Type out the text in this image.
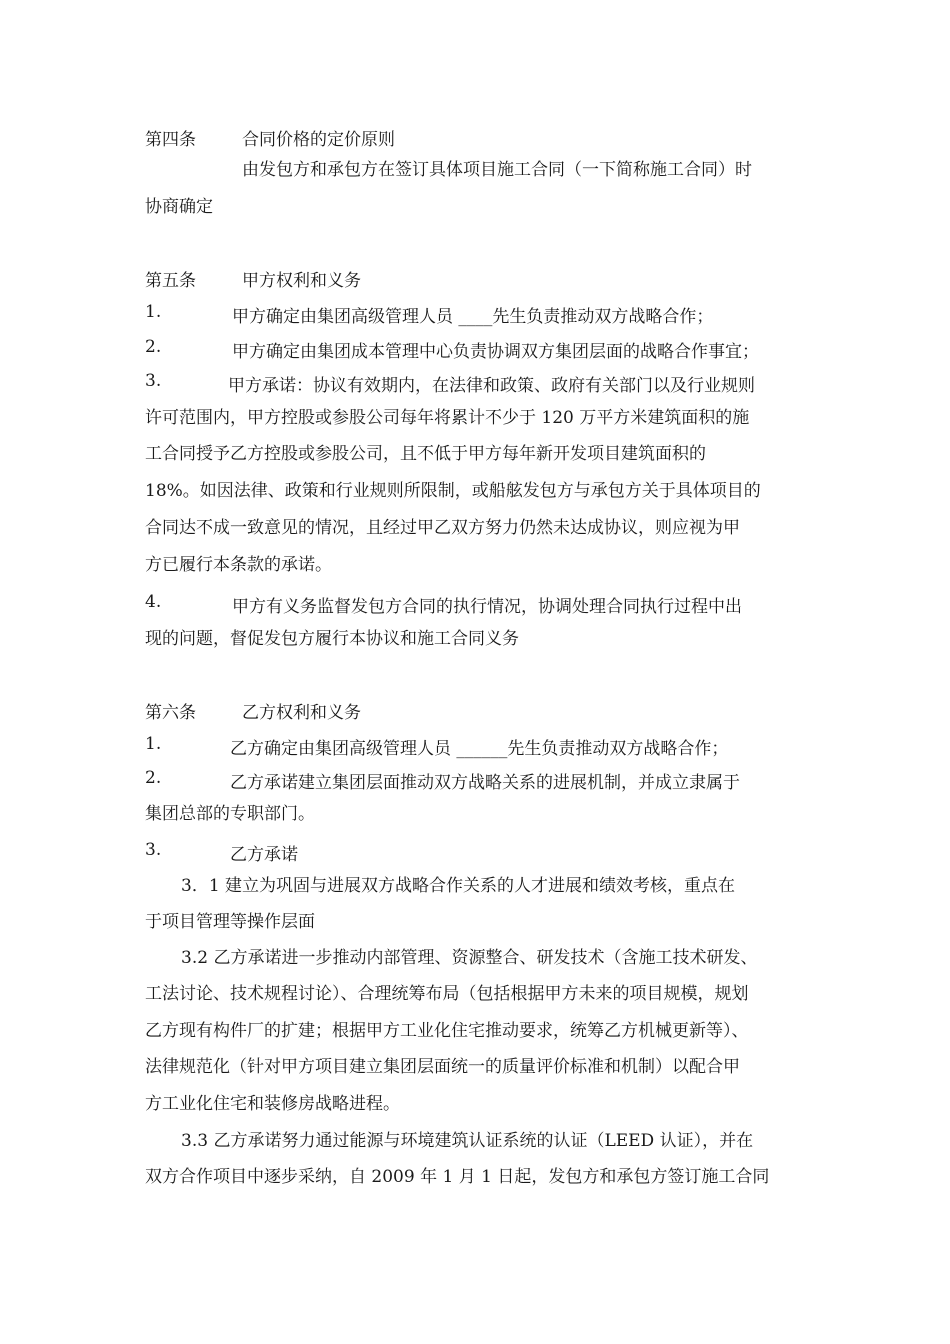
第四条	合同价格的定价原则
由发包方和承包方在签订具体项目施工合同（一下简称施工合同）时
协商确定
第五条	甲方权利和义务
1.	甲方确定由集团高级管理人员 ____先生负责推动双方战略合作；
2.	甲方确定由集团成本管理中心负责协调双方集团层面的战略合作事宜；
3.	甲方承诺：协议有效期内，在法律和政策、政府有关部门以及行业规则
许可范围内，甲方控股或参股公司每年将累计不少于 120 万平方米建筑面积的施
工合同授予乙方控股或参股公司，且不低于甲方每年新开发项目建筑面积的
18%。如因法律、政策和行业规则所限制，或船舷发包方与承包方关于具体项目的
合同达不成一致意见的情况，且经过甲乙双方努力仍然未达成协议，则应视为甲
方已履行本条款的承诺。
4.	甲方有义务监督发包方合同的执行情况，协调处理合同执行过程中出
现的问题，督促发包方履行本协议和施工合同义务
第六条	乙方权利和义务
1.	乙方确定由集团高级管理人员 ______先生负责推动双方战略合作；
2.	乙方承诺建立集团层面推动双方战略关系的进展机制，并成立隶属于
集团总部的专职部门。
3.	乙方承诺
3．1 建立为巩固与进展双方战略合作关系的人才进展和绩效考核，重点在
于项目管理等操作层面
3.2 乙方承诺进一步推动内部管理、资源整合、研发技术（含施工技术研发、
工法讨论、技术规程讨论）、合理统筹布局（包括根据甲方未来的项目规模，规划
乙方现有构件厂的扩建；根据甲方工业化住宅推动要求，统筹乙方机械更新等）、
法律规范化（针对甲方项目建立集团层面统一的质量评价标准和机制）以配合甲
方工业化住宅和装修房战略进程。
3.3 乙方承诺努力通过能源与环境建筑认证系统的认证（LEED 认证），并在
双方合作项目中逐步采纳，自 2009 年 1 月 1 日起，发包方和承包方签订施工合同
